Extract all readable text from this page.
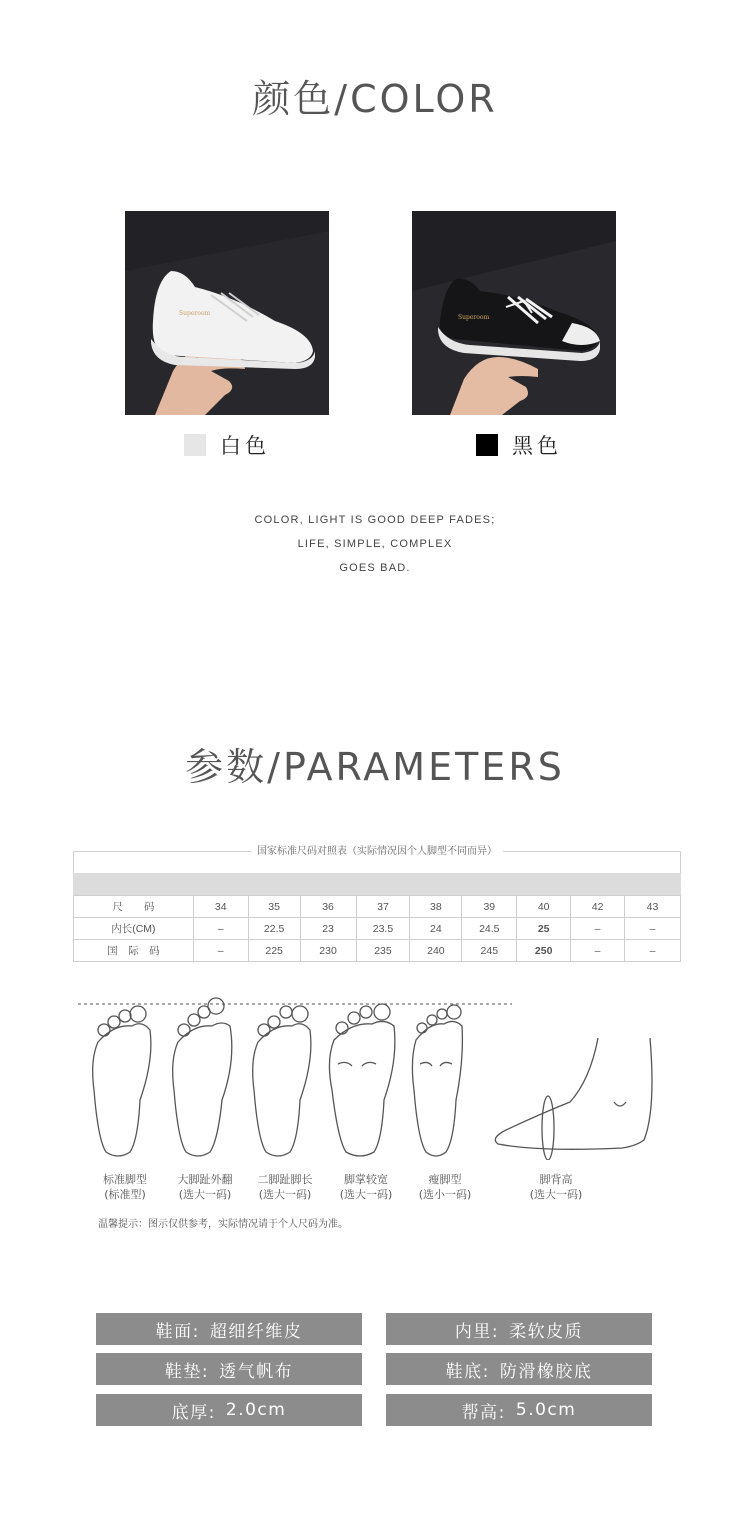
颜色/COLOR
Superoom
Superoom
白色	黑色
COLOR, LIGHT IS GOOD DEEP FADES;
LIFE, SIMPLE, COMPLEX
GOES BAD.
参数/PARAMETERS
国家标准尺码对照表（实际情况因个人脚型不同而异）
尺　　码	34	35	36	37	38	39	40	42	43
内长(CM)	–	22.5	23	23.5	24	24.5	25	–	–
国　际　码	–	225	230	235	240	245	250	–	–
标准脚型
(标准型)
大脚趾外翻
(选大一码)
二脚趾脚长
(选大一码)
脚掌较宽
(选大一码)
瘦脚型
(选小一码)
脚背高
(选大一码)
温馨提示：图示仅供参考，实际情况请于个人尺码为准。
鞋面: 超细纤维皮	内里: 柔软皮质
鞋垫: 透气帆布	鞋底: 防滑橡胶底
底厚: 2.0cm	帮高: 5.0cm
